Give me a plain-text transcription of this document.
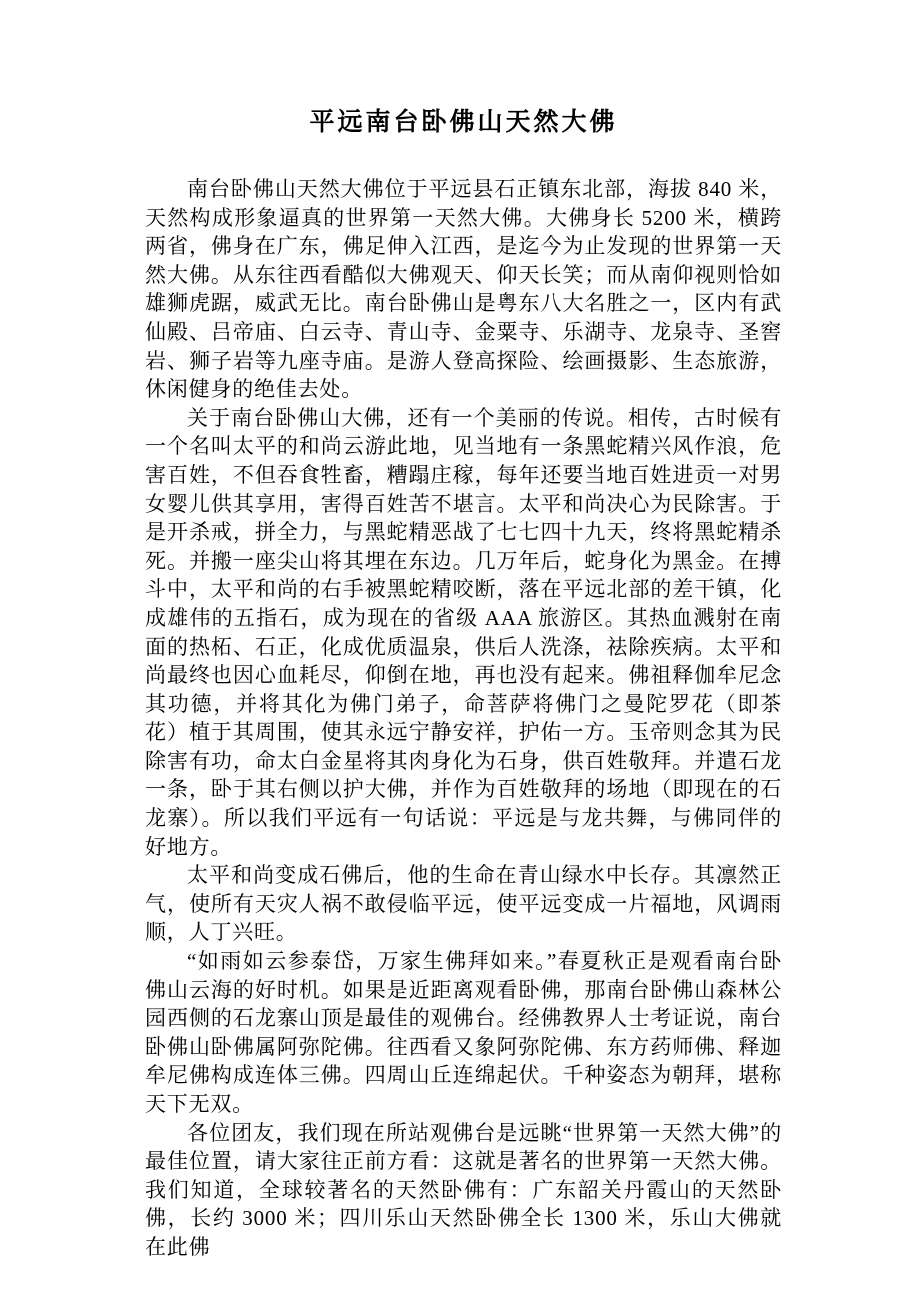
平远南台卧佛山天然大佛

南台卧佛山天然大佛位于平远县石正镇东北部，海拔 840 米，天然构成形象逼真的世界第一天然大佛。大佛身长 5200 米，横跨两省，佛身在广东，佛足伸入江西，是迄今为止发现的世界第一天然大佛。从东往西看酷似大佛观天、仰天长笑；而从南仰视则恰如雄狮虎踞，威武无比。南台卧佛山是粤东八大名胜之一，区内有武仙殿、吕帝庙、白云寺、青山寺、金粟寺、乐湖寺、龙泉寺、圣窖岩、狮子岩等九座寺庙。是游人登高探险、绘画摄影、生态旅游，休闲健身的绝佳去处。

关于南台卧佛山大佛，还有一个美丽的传说。相传，古时候有一个名叫太平的和尚云游此地，见当地有一条黑蛇精兴风作浪，危害百姓，不但吞食牲畜，糟蹋庄稼，每年还要当地百姓进贡一对男女婴儿供其享用，害得百姓苦不堪言。太平和尚决心为民除害。于是开杀戒，拼全力，与黑蛇精恶战了七七四十九天，终将黑蛇精杀死。并搬一座尖山将其埋在东边。几万年后，蛇身化为黑金。在搏斗中，太平和尚的右手被黑蛇精咬断，落在平远北部的差干镇，化成雄伟的五指石，成为现在的省级 AAA 旅游区。其热血溅射在南面的热柘、石正，化成优质温泉，供后人洗涤，祛除疾病。太平和尚最终也因心血耗尽，仰倒在地，再也没有起来。佛祖释伽牟尼念其功德，并将其化为佛门弟子，命菩萨将佛门之曼陀罗花（即茶花）植于其周围，使其永远宁静安祥，护佑一方。玉帝则念其为民除害有功，命太白金星将其肉身化为石身，供百姓敬拜。并遣石龙一条，卧于其右侧以护大佛，并作为百姓敬拜的场地（即现在的石龙寨）。所以我们平远有一句话说：平远是与龙共舞，与佛同伴的好地方。

太平和尚变成石佛后，他的生命在青山绿水中长存。其凛然正气，使所有天灾人祸不敢侵临平远，使平远变成一片福地，风调雨顺，人丁兴旺。

“如雨如云参泰岱，万家生佛拜如来。”春夏秋正是观看南台卧佛山云海的好时机。如果是近距离观看卧佛，那南台卧佛山森林公园西侧的石龙寨山顶是最佳的观佛台。经佛教界人士考证说，南台卧佛山卧佛属阿弥陀佛。往西看又象阿弥陀佛、东方药师佛、释迦牟尼佛构成连体三佛。四周山丘连绵起伏。千种姿态为朝拜，堪称天下无双。

各位团友，我们现在所站观佛台是远眺“世界第一天然大佛”的最佳位置，请大家往正前方看：这就是著名的世界第一天然大佛。我们知道，全球较著名的天然卧佛有：广东韶关丹霞山的天然卧佛，长约 3000 米；四川乐山天然卧佛全长 1300 米，乐山大佛就在此佛
